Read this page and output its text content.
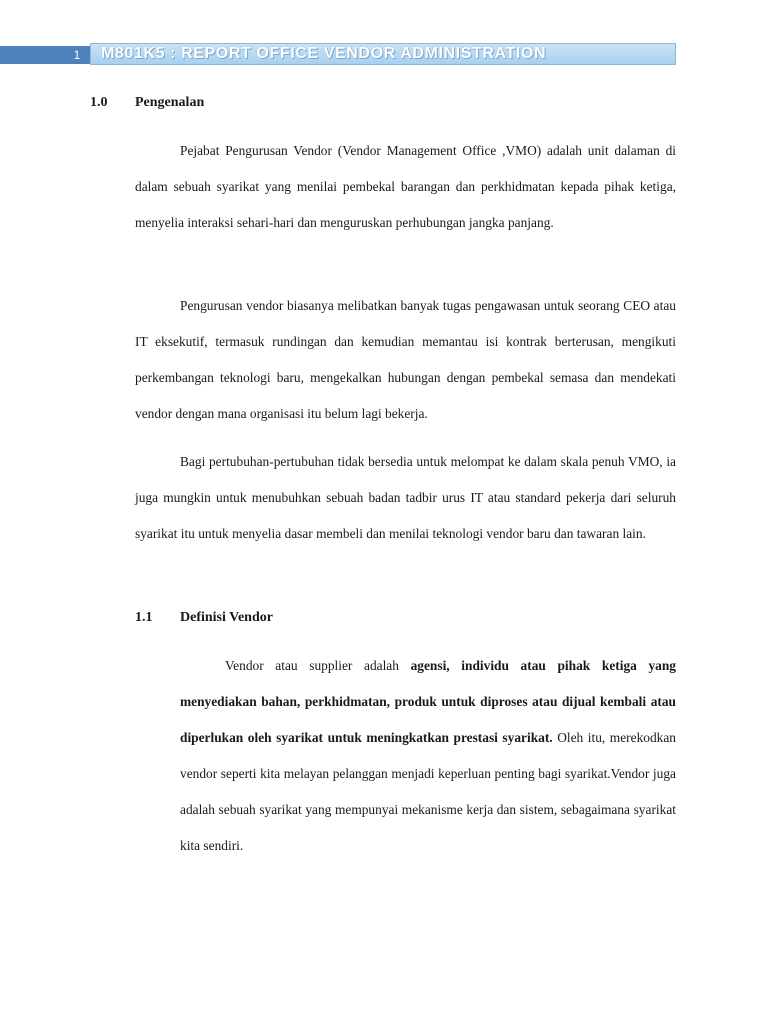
1	M801K5 : REPORT OFFICE VENDOR ADMINISTRATION
1.0 Pengenalan

Pejabat Pengurusan Vendor (Vendor Management Office ,VMO) adalah unit dalaman di dalam sebuah syarikat yang menilai pembekal barangan dan perkhidmatan kepada pihak ketiga, menyelia interaksi sehari-hari dan menguruskan perhubungan jangka panjang.

Pengurusan vendor biasanya melibatkan banyak tugas pengawasan untuk seorang CEO atau IT eksekutif, termasuk rundingan dan kemudian memantau isi kontrak berterusan, mengikuti perkembangan teknologi baru, mengekalkan hubungan dengan pembekal semasa dan mendekati vendor dengan mana organisasi itu belum lagi bekerja.

Bagi pertubuhan-pertubuhan tidak bersedia untuk melompat ke dalam skala penuh VMO, ia juga mungkin untuk menubuhkan sebuah badan tadbir urus IT atau standard pekerja dari seluruh syarikat itu untuk menyelia dasar membeli dan menilai teknologi vendor baru dan tawaran lain.

1.1 Definisi Vendor

Vendor atau supplier adalah agensi, individu atau pihak ketiga yang menyediakan bahan, perkhidmatan, produk untuk diproses atau dijual kembali atau diperlukan oleh syarikat untuk meningkatkan prestasi syarikat. Oleh itu, merekodkan vendor seperti kita melayan pelanggan menjadi keperluan penting bagi syarikat.Vendor juga adalah sebuah syarikat yang mempunyai mekanisme kerja dan sistem, sebagaimana syarikat kita sendiri.
